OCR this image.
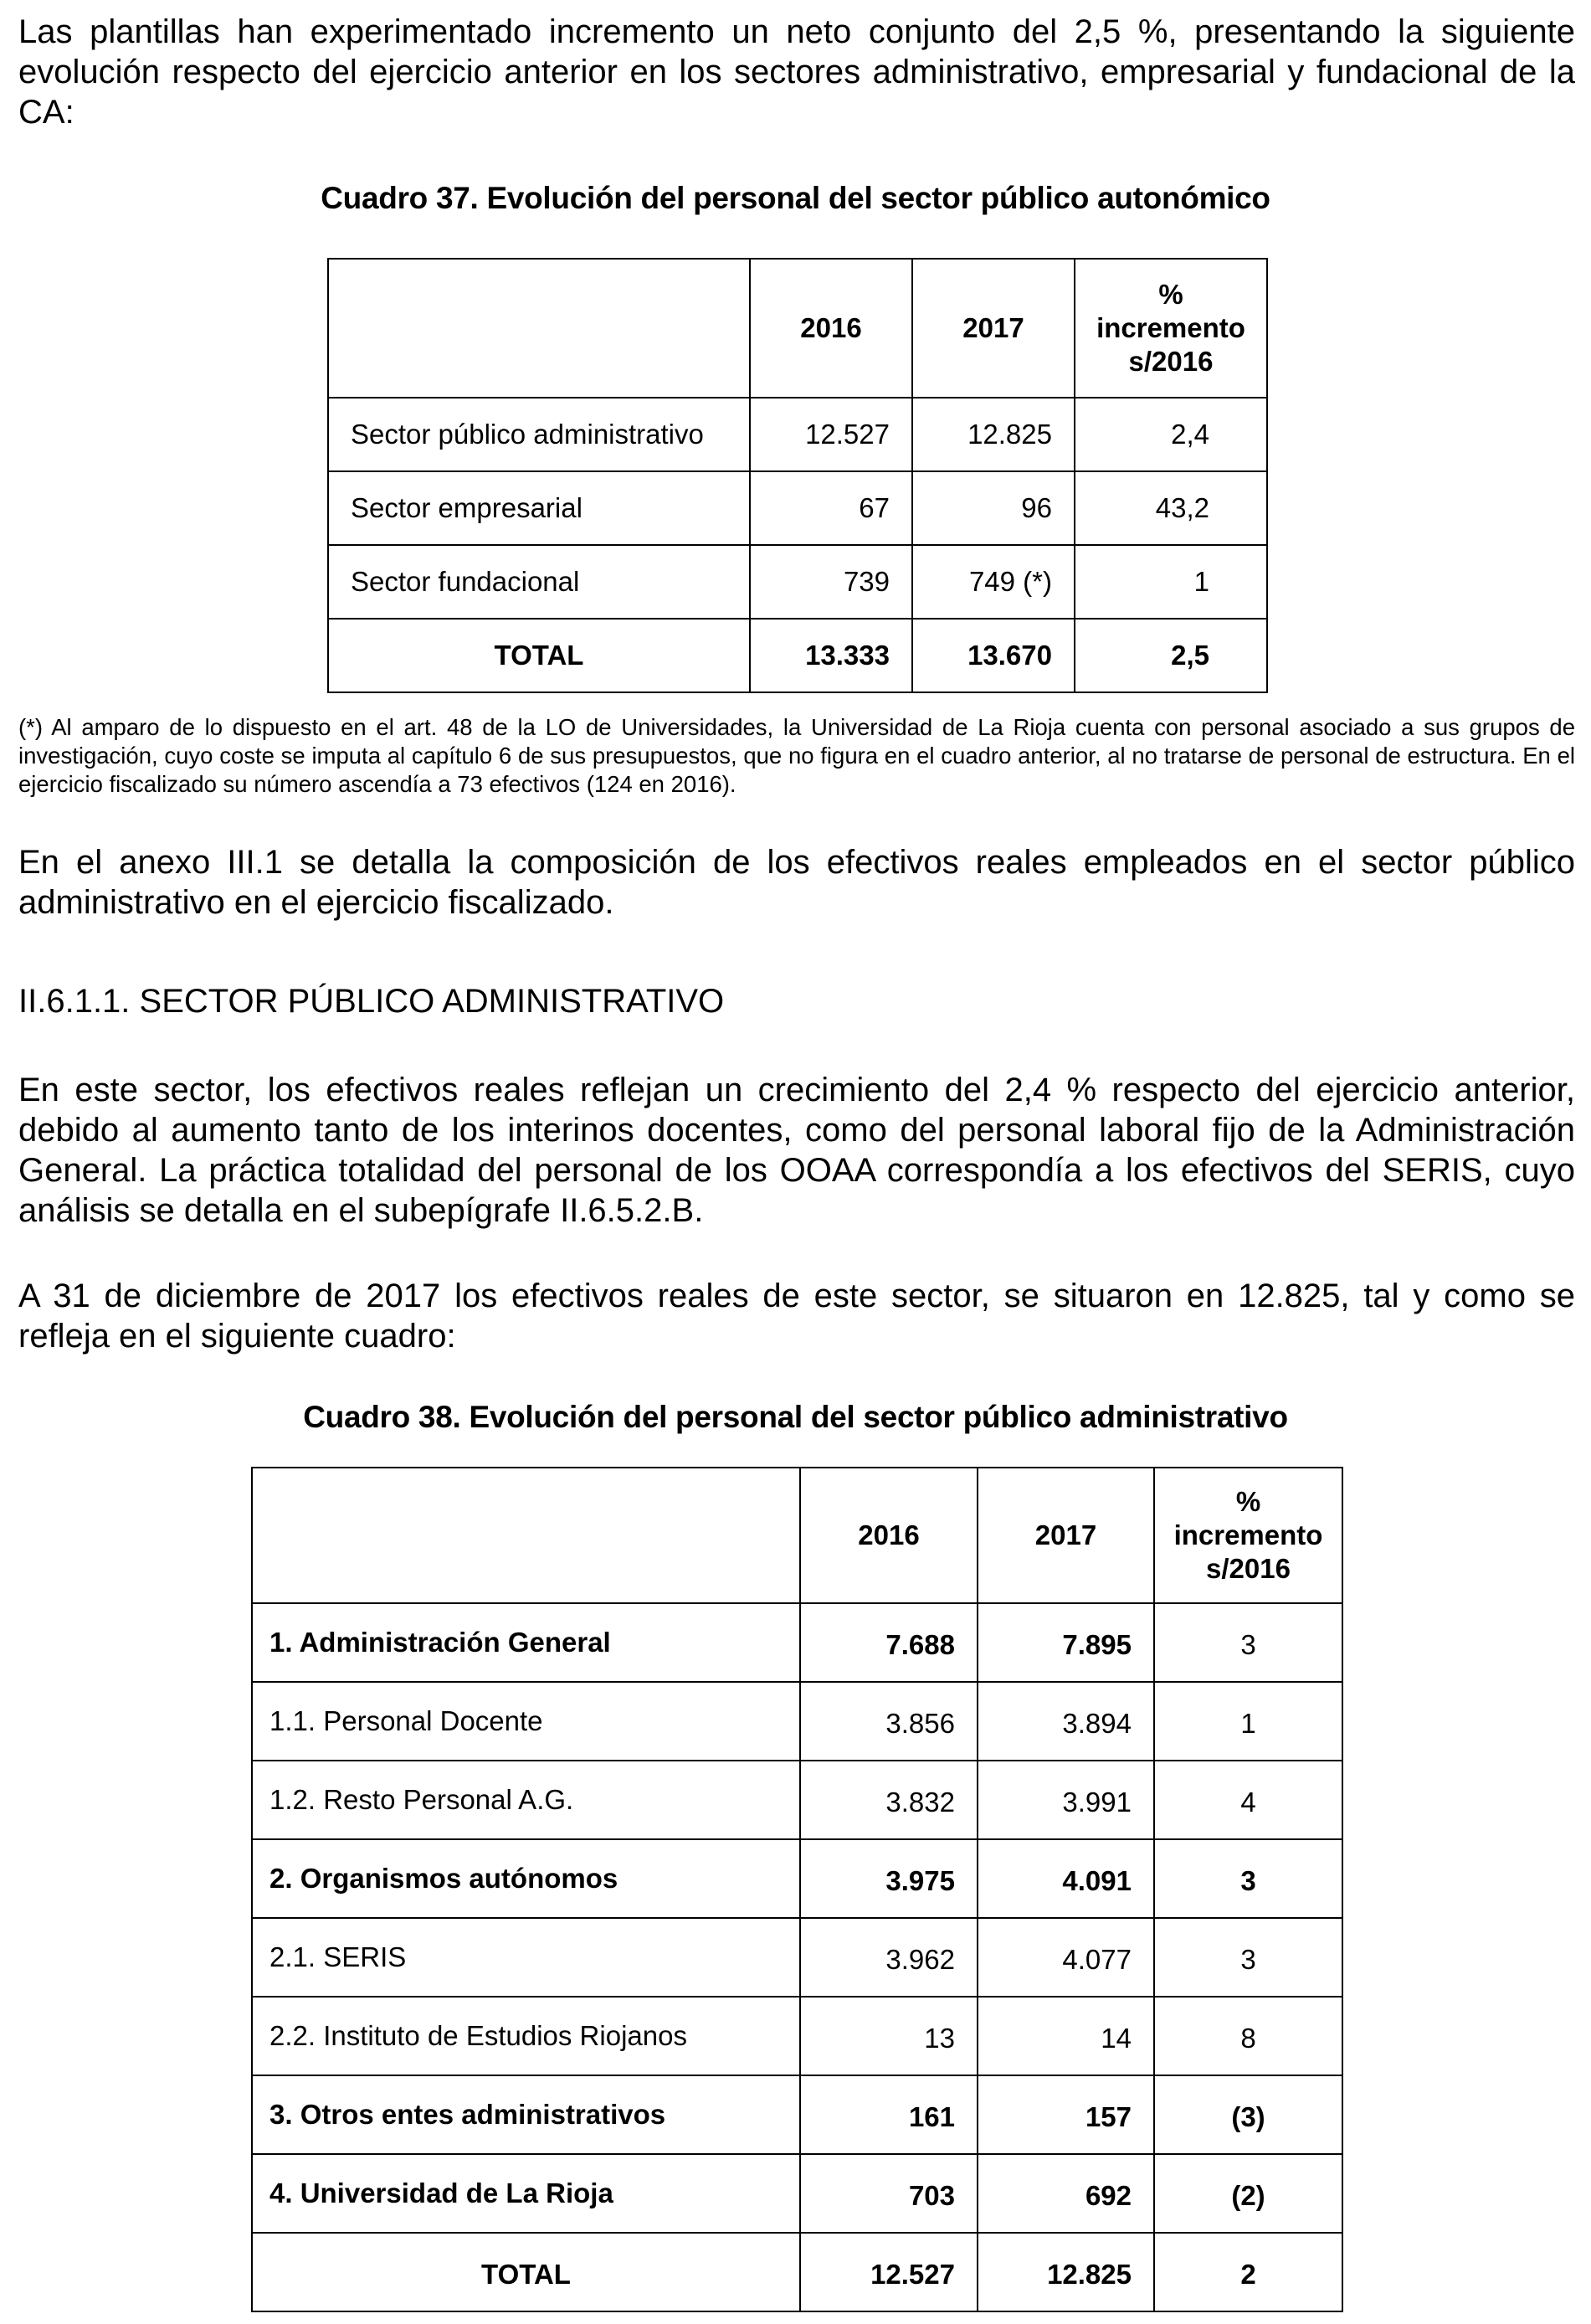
Las plantillas han experimentado incremento un neto conjunto del 2,5 %, presentando la siguiente evolución respecto del ejercicio anterior en los sectores administrativo, empresarial y fundacional de la CA:

Cuadro 37. Evolución del personal del sector público autonómico

	2016	2017	% incremento s/2016
Sector público administrativo	12.527	12.825	2,4
Sector empresarial	67	96	43,2
Sector fundacional	739	749 (*)	1
TOTAL	13.333	13.670	2,5

(*) Al amparo de lo dispuesto en el art. 48 de la LO de Universidades, la Universidad de La Rioja cuenta con personal asociado a sus grupos de investigación, cuyo coste se imputa al capítulo 6 de sus presupuestos, que no figura en el cuadro anterior, al no tratarse de personal de estructura. En el ejercicio fiscalizado su número ascendía a 73 efectivos (124 en 2016).

En el anexo III.1 se detalla la composición de los efectivos reales empleados en el sector público administrativo en el ejercicio fiscalizado.

II.6.1.1. SECTOR PÚBLICO ADMINISTRATIVO

En este sector, los efectivos reales reflejan un crecimiento del 2,4 % respecto del ejercicio anterior, debido al aumento tanto de los interinos docentes, como del personal laboral fijo de la Administración General. La práctica totalidad del personal de los OOAA correspondía a los efectivos del SERIS, cuyo análisis se detalla en el subepígrafe II.6.5.2.B.

A 31 de diciembre de 2017 los efectivos reales de este sector, se situaron en 12.825, tal y como se refleja en el siguiente cuadro:

Cuadro 38. Evolución del personal del sector público administrativo

	2016	2017	% incremento s/2016
1. Administración General	7.688	7.895	3
1.1. Personal Docente	3.856	3.894	1
1.2. Resto Personal A.G.	3.832	3.991	4
2. Organismos autónomos	3.975	4.091	3
2.1. SERIS	3.962	4.077	3
2.2. Instituto de Estudios Riojanos	13	14	8
3. Otros entes administrativos	161	157	(3)
4. Universidad de La Rioja	703	692	(2)
TOTAL	12.527	12.825	2
